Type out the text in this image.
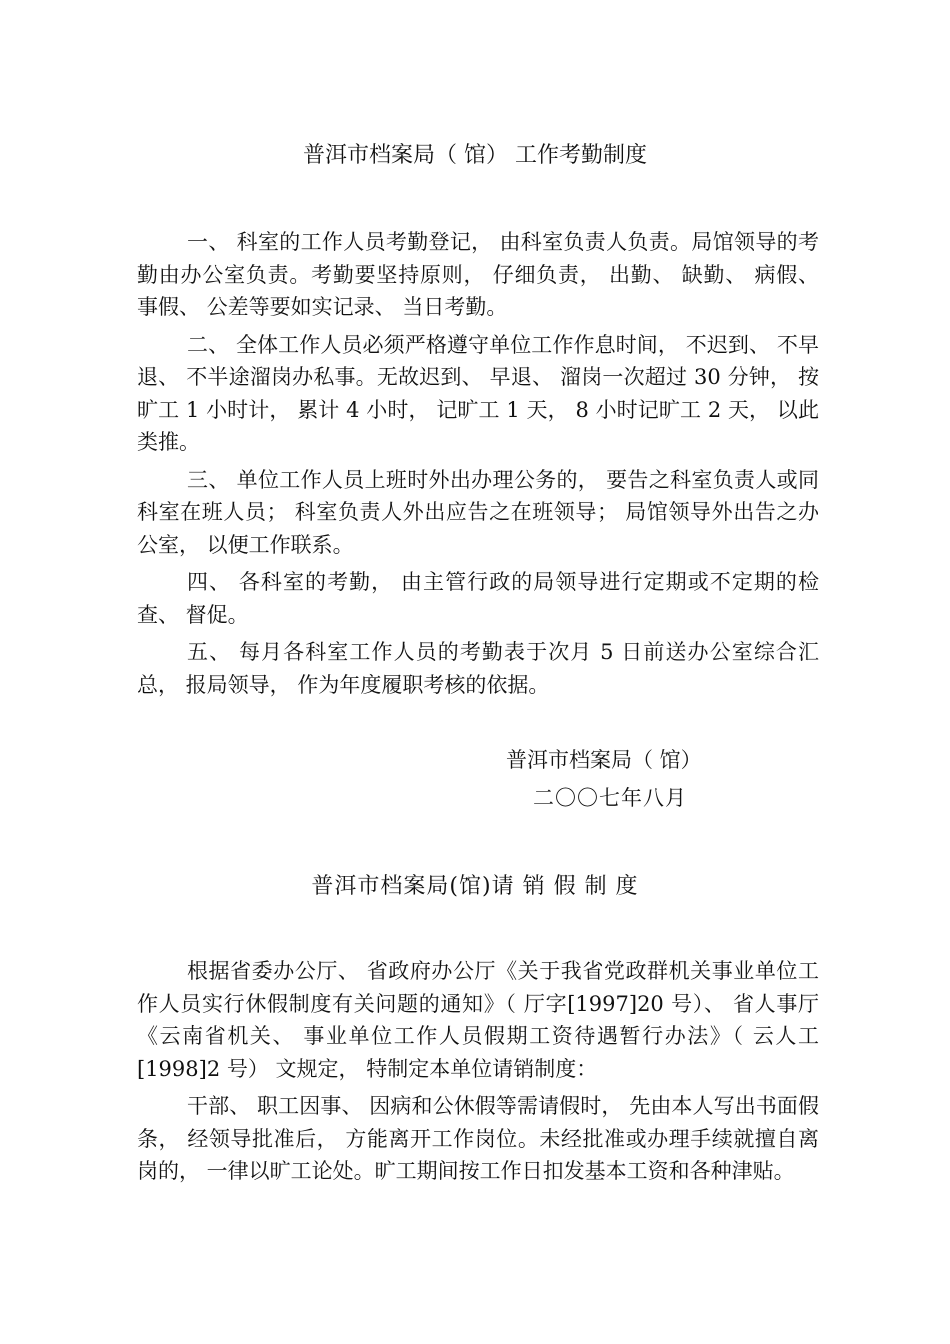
普洱市档案局（ 馆） 工作考勤制度

一、 科室的工作人员考勤登记， 由科室负责人负责。局馆领导的考勤由办公室负责。考勤要坚持原则， 仔细负责， 出勤、 缺勤、 病假、 事假、 公差等要如实记录、 当日考勤。

二、 全体工作人员必须严格遵守单位工作作息时间， 不迟到、 不早退、 不半途溜岗办私事。无故迟到、 早退、 溜岗一次超过 30 分钟， 按旷工 1 小时计， 累计 4 小时， 记旷工 1 天， 8 小时记旷工 2 天， 以此类推。

三、 单位工作人员上班时外出办理公务的， 要告之科室负责人或同科室在班人员； 科室负责人外出应告之在班领导； 局馆领导外出告之办公室， 以便工作联系。

四、 各科室的考勤， 由主管行政的局领导进行定期或不定期的检查、 督促。

五、 每月各科室工作人员的考勤表于次月 5 日前送办公室综合汇总， 报局领导， 作为年度履职考核的依据。

普洱市档案局（ 馆）
二〇〇七年八月
普洱市档案局(馆)请 销 假 制 度

根据省委办公厅、 省政府办公厅《关于我省党政群机关事业单位工作人员实行休假制度有关问题的通知》（ 厅字[1997]20 号）、 省人事厅《云南省机关、 事业单位工作人员假期工资待遇暂行办法》（ 云人工[1998]2 号） 文规定， 特制定本单位请销制度：

干部、 职工因事、 因病和公休假等需请假时， 先由本人写出书面假条， 经领导批准后， 方能离开工作岗位。未经批准或办理手续就擅自离岗的， 一律以旷工论处。旷工期间按工作日扣发基本工资和各种津贴。
